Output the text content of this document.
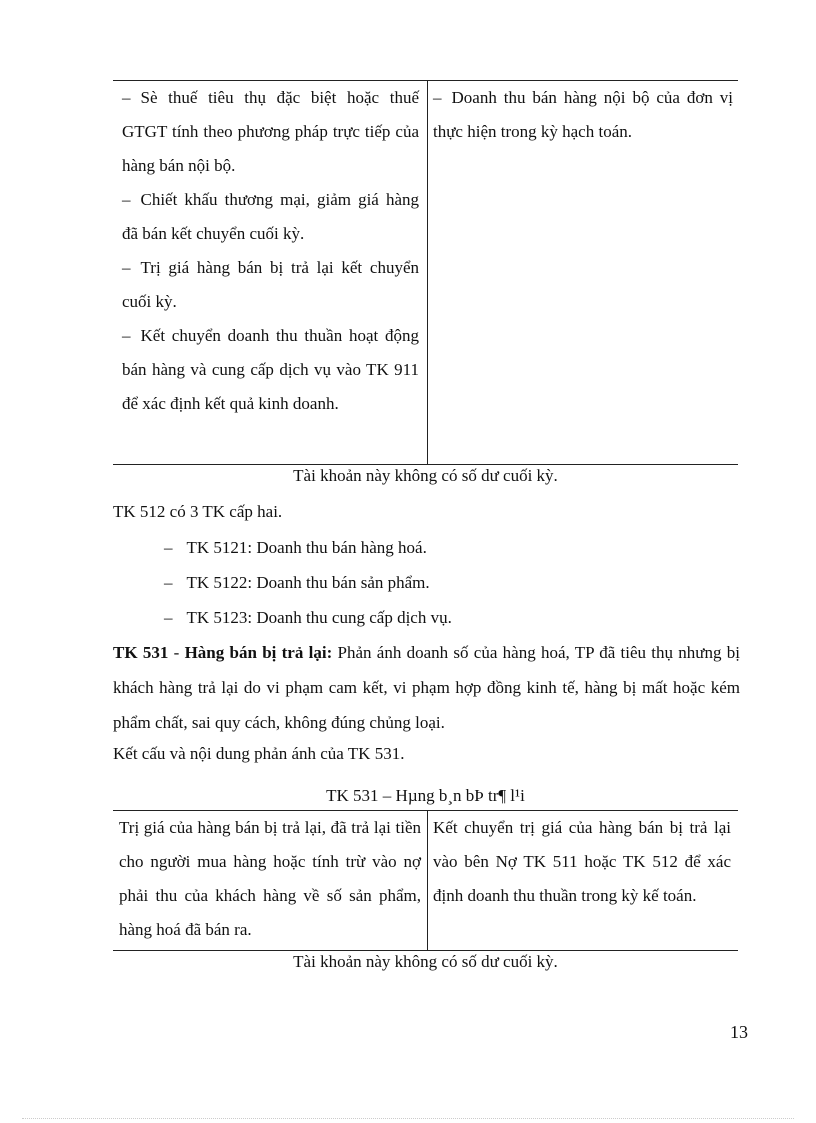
– Sè thuế tiêu thụ đặc biệt hoặc thuế GTGT tính theo phương pháp trực tiếp của hàng bán nội bộ.

– Chiết khấu thương mại, giảm giá hàng đã bán kết chuyển cuối kỳ.

– Trị giá hàng bán bị trả lại kết chuyển cuối kỳ.

– Kết chuyển doanh thu thuần hoạt động bán hàng và cung cấp dịch vụ vào TK 911 để xác định kết quả kinh doanh.

– Doanh thu bán hàng nội bộ của đơn vị thực hiện trong kỳ hạch toán.

Tài khoản này không có số dư cuối kỳ.
TK 512 có 3 TK cấp hai.
– TK 5121: Doanh thu bán hàng hoá.
– TK 5122: Doanh thu bán sản phẩm.
– TK 5123: Doanh thu cung cấp dịch vụ.
TK 531 - Hàng bán bị trả lại: Phản ánh doanh số của hàng hoá, TP đã tiêu thụ nhưng bị khách hàng trả lại do vi phạm cam kết, vi phạm hợp đồng kinh tế, hàng bị mất hoặc kém phẩm chất, sai quy cách, không đúng chủng loại.
Kết cấu và nội dung phản ánh của TK 531.
TK 531 – Hµng b¸n bÞ tr¶ l¹i
Trị giá của hàng bán bị trả lại, đã trả lại tiền cho người mua hàng hoặc tính trừ vào nợ phải thu của khách hàng về số sản phẩm, hàng hoá đã bán ra.
Kết chuyển trị giá của hàng bán bị trả lại vào bên Nợ TK 511 hoặc TK 512 để xác định doanh thu thuần trong kỳ kế toán.
Tài khoản này không có số dư cuối kỳ.
13
